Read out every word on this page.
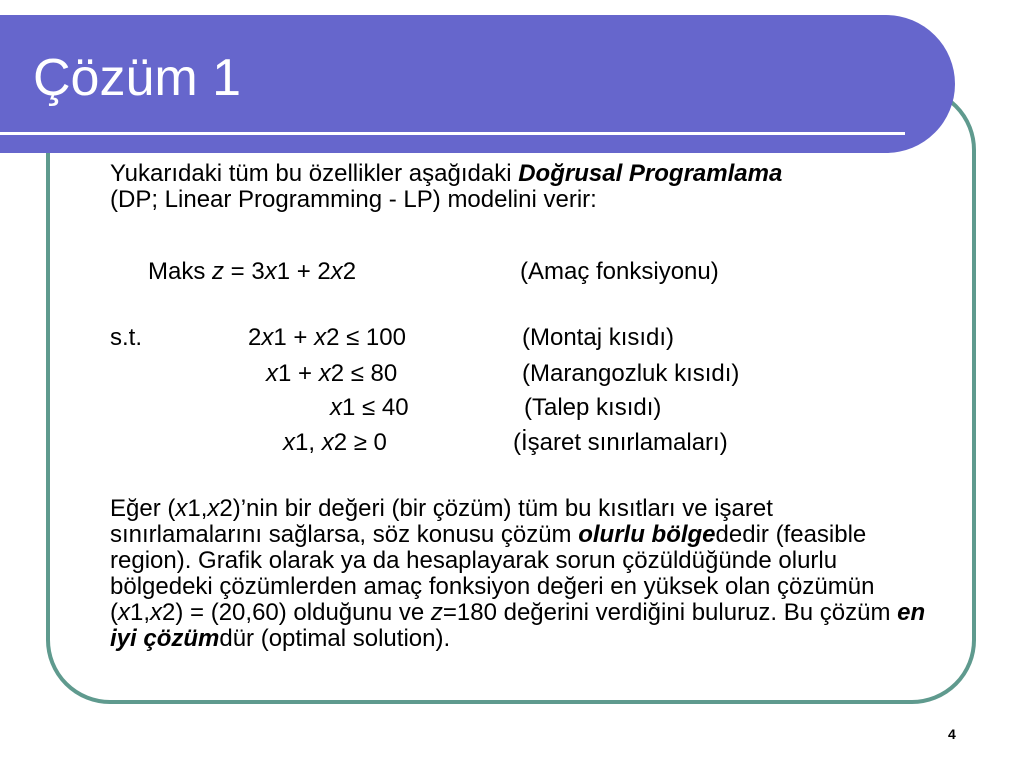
Çözüm 1
Yukarıdaki tüm bu özellikler aşağıdaki Doğrusal Programlama
(DP; Linear Programming - LP) modelini verir:
Maks z = 3x1 + 2x2	(Amaç fonksiyonu)
s.t.	2x1 + x2 ≤ 100	(Montaj kısıdı)
x1 + x2 ≤ 80	(Marangozluk kısıdı)
x1 ≤ 40	(Talep kısıdı)
x1, x2 ≥ 0	(İşaret sınırlamaları)
Eğer (x1,x2)’nin bir değeri (bir çözüm) tüm bu kısıtları ve işaret sınırlamalarını sağlarsa, söz konusu çözüm olurlu bölgededir (feasible region). Grafik olarak ya da hesaplayarak sorun çözüldüğünde olurlu bölgedeki çözümlerden amaç fonksiyon değeri en yüksek olan çözümün (x1,x2) = (20,60) olduğunu ve z=180 değerini verdiğini buluruz. Bu çözüm en iyi çözümdür (optimal solution).
4
